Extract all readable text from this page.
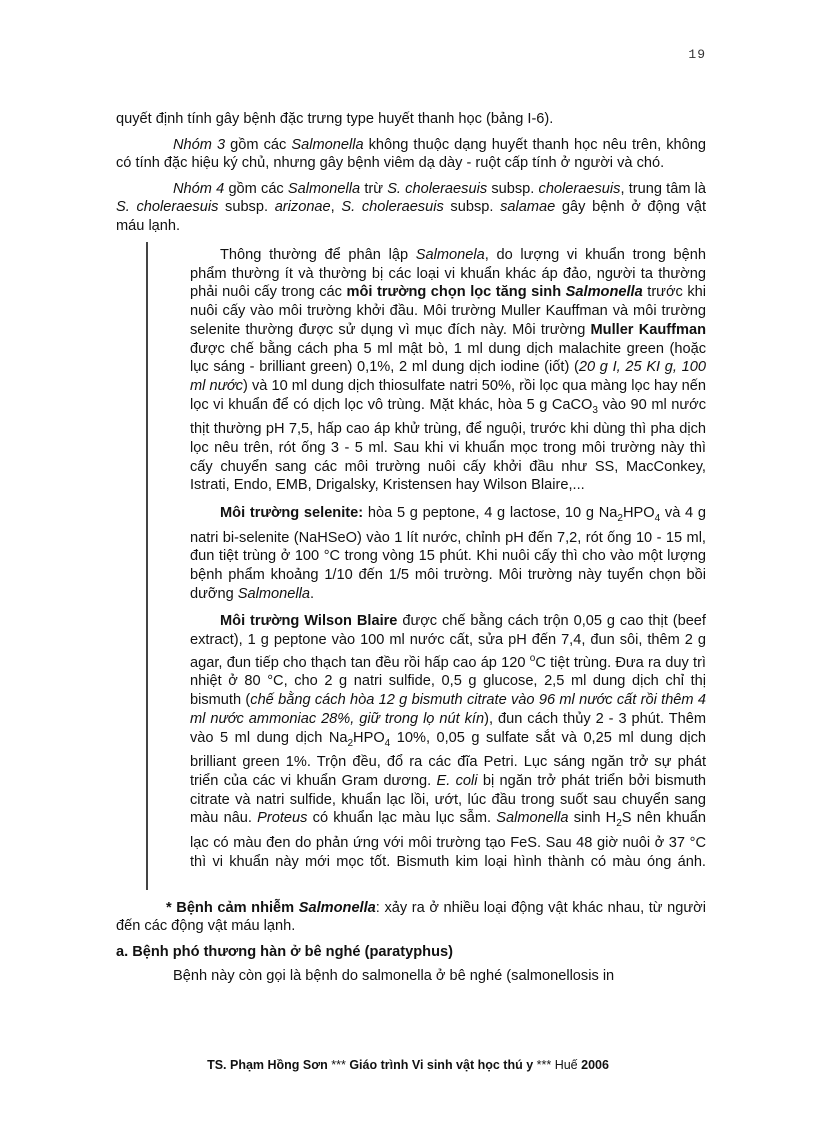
19

quyết định tính gây bệnh đặc trưng type huyết thanh học (bảng I-6).

Nhóm 3 gồm các Salmonella không thuộc dạng huyết thanh học nêu trên, không có tính đặc hiệu ký chủ, nhưng gây bệnh viêm dạ dày - ruột cấp tính ở người và chó.

Nhóm 4 gồm các Salmonella trừ S. choleraesuis subsp. choleraesuis, trung tâm là S. choleraesuis subsp. arizonae, S. choleraesuis subsp. salamae gây bệnh ở động vật máu lạnh.

Thông thường để phân lập Salmonela, do lượng vi khuẩn trong bệnh phẩm thường ít và thường bị các loại vi khuẩn khác áp đảo, người ta thường phải nuôi cấy trong các môi trường chọn lọc tăng sinh Salmonella trước khi nuôi cấy vào môi trường khởi đầu. Môi trường Muller Kauffman và môi trường selenite thường được sử dụng vì mục đích này. Môi trường Muller Kauffman được chế bằng cách pha 5 ml mật bò, 1 ml dung dịch malachite green (hoặc lục sáng - brilliant green) 0,1%, 2 ml dung dịch iodine (iốt) (20 g I, 25 KI g, 100 ml nước) và 10 ml dung dịch thiosulfate natri 50%, rồi lọc qua màng lọc hay nến lọc vi khuẩn để có dịch lọc vô trùng. Mặt khác, hòa 5 g CaCO$_3$ vào 90 ml nước thịt thường pH 7,5, hấp cao áp khử trùng, để nguội, trước khi dùng thì pha dịch lọc nêu trên, rót ống 3 - 5 ml. Sau khi vi khuẩn mọc trong môi trường này thì cấy chuyển sang các môi trường nuôi cấy khởi đầu như SS, MacConkey, Istrati, Endo, EMB, Drigalsky, Kristensen hay Wilson Blaire,...

Môi trường selenite: hòa 5 g peptone, 4 g lactose, 10 g $Na_2HPO_4$ và 4 g natri bi-selenite (NaHSeO) vào 1 lít nước, chỉnh pH đến 7,2, rót ống 10 - 15 ml, đun tiệt trùng ở 100 °C trong vòng 15 phút. Khi nuôi cấy thì cho vào một lượng bệnh phẩm khoảng 1/10 đến 1/5 môi trường. Môi trường này tuyển chọn bồi dưỡng Salmonella.

Môi trường Wilson Blaire được chế bằng cách trộn 0,05 g cao thịt (beef extract), 1 g peptone vào 100 ml nước cất, sửa pH đến 7,4, đun sôi, thêm 2 g agar, đun tiếp cho thạch tan đều rồi hấp cao áp 120 $^o$C tiệt trùng. Đưa ra duy trì nhiệt ở 80 °C, cho 2 g natri sulfide, 0,5 g glucose, 2,5 ml dung dịch chỉ thị bismuth (chế bằng cách hòa 12 g bismuth citrate vào 96 ml nước cất rồi thêm 4 ml nước ammoniac 28%, giữ trong lọ nút kín), đun cách thủy 2 - 3 phút. Thêm vào 5 ml dung dịch $Na_2HPO_4$ 10%, 0,05 g sulfate sắt và 0,25 ml dung dịch brilliant green 1%. Trộn đều, đổ ra các đĩa Petri. Lục sáng ngăn trở sự phát triển của các vi khuẩn Gram dương. E. coli bị ngăn trở phát triển bởi bismuth citrate và natri sulfide, khuẩn lạc lồi, ướt, lúc đầu trong suốt sau chuyển sang màu nâu. Proteus có khuẩn lạc màu lục sẫm. Salmonella $\sinh H_2S$ nên khuẩn lạc có màu đen do phản ứng với môi trường tạo FeS. Sau 48 giờ nuôi ở 37 °C thì vi khuẩn này mới mọc tốt. Bismuth kim loại hình thành có màu óng ánh.

* Bệnh cảm nhiễm Salmonella: xảy ra ở nhiều loại động vật khác nhau, từ người đến các động vật máu lạnh.

a. Bệnh phó thương hàn ở bê nghé (paratyphus)

Bệnh này còn gọi là bệnh do salmonella ở bê nghé (salmonellosis in

TS. Phạm Hồng Sơn *** Giáo trình Vi sinh vật học thú y *** Huế 2006
